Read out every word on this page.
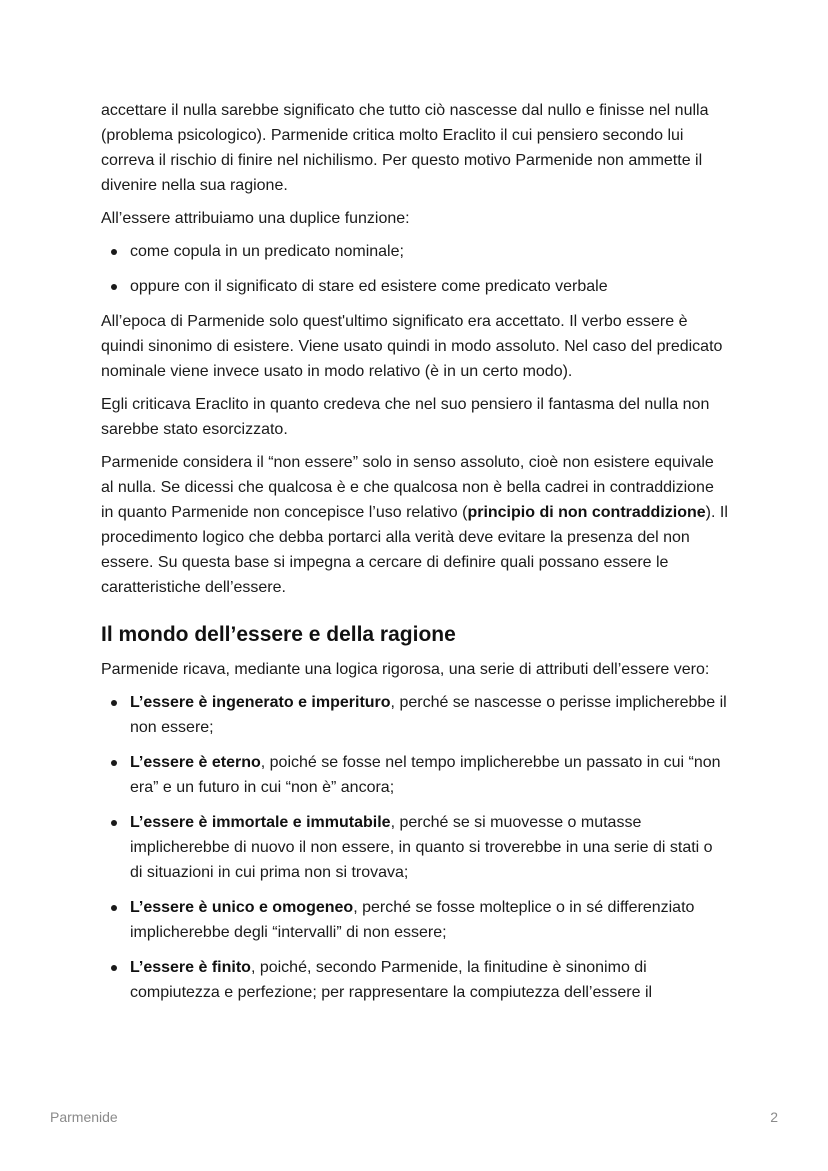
accettare il nulla sarebbe significato che tutto ciò nascesse dal nullo e finisse nel nulla (problema psicologico). Parmenide critica molto Eraclito il cui pensiero secondo lui correva il rischio di finire nel nichilismo. Per questo motivo Parmenide non ammette il divenire nella sua ragione.

All’essere attribuiamo una duplice funzione:

come copula in un predicato nominale;
oppure con il significato di stare ed esistere come predicato verbale

All’epoca di Parmenide solo quest'ultimo significato era accettato. Il verbo essere è quindi sinonimo di esistere. Viene usato quindi in modo assoluto. Nel caso del predicato nominale viene invece usato in modo relativo (è in un certo modo).

Egli criticava Eraclito in quanto credeva che nel suo pensiero il fantasma del nulla non sarebbe stato esorcizzato.

Parmenide considera il “non essere” solo in senso assoluto, cioè non esistere equivale al nulla. Se dicessi che qualcosa è e che qualcosa non è bella cadrei in contraddizione in quanto Parmenide non concepisce l’uso relativo (principio di non contraddizione). Il procedimento logico che debba portarci alla verità deve evitare la presenza del non essere. Su questa base si impegna a cercare di definire quali possano essere le caratteristiche dell’essere.

Il mondo dell’essere e della ragione

Parmenide ricava, mediante una logica rigorosa, una serie di attributi dell’essere vero:

L’essere è ingenerato e imperituro, perché se nascesse o perisse implicherebbe il non essere;
L’essere è eterno, poiché se fosse nel tempo implicherebbe un passato in cui “non era” e un futuro in cui “non è” ancora;
L’essere è immortale e immutabile, perché se si muovesse o mutasse implicherebbe di nuovo il non essere, in quanto si troverebbe in una serie di stati o di situazioni in cui prima non si trovava;
L’essere è unico e omogeneo, perché se fosse molteplice o in sé differenziato implicherebbe degli “intervalli” di non essere;
L’essere è finito, poiché, secondo Parmenide, la finitudine è sinonimo di compiutezza e perfezione; per rappresentare la compiutezza dell’essere il
Parmenide	2
